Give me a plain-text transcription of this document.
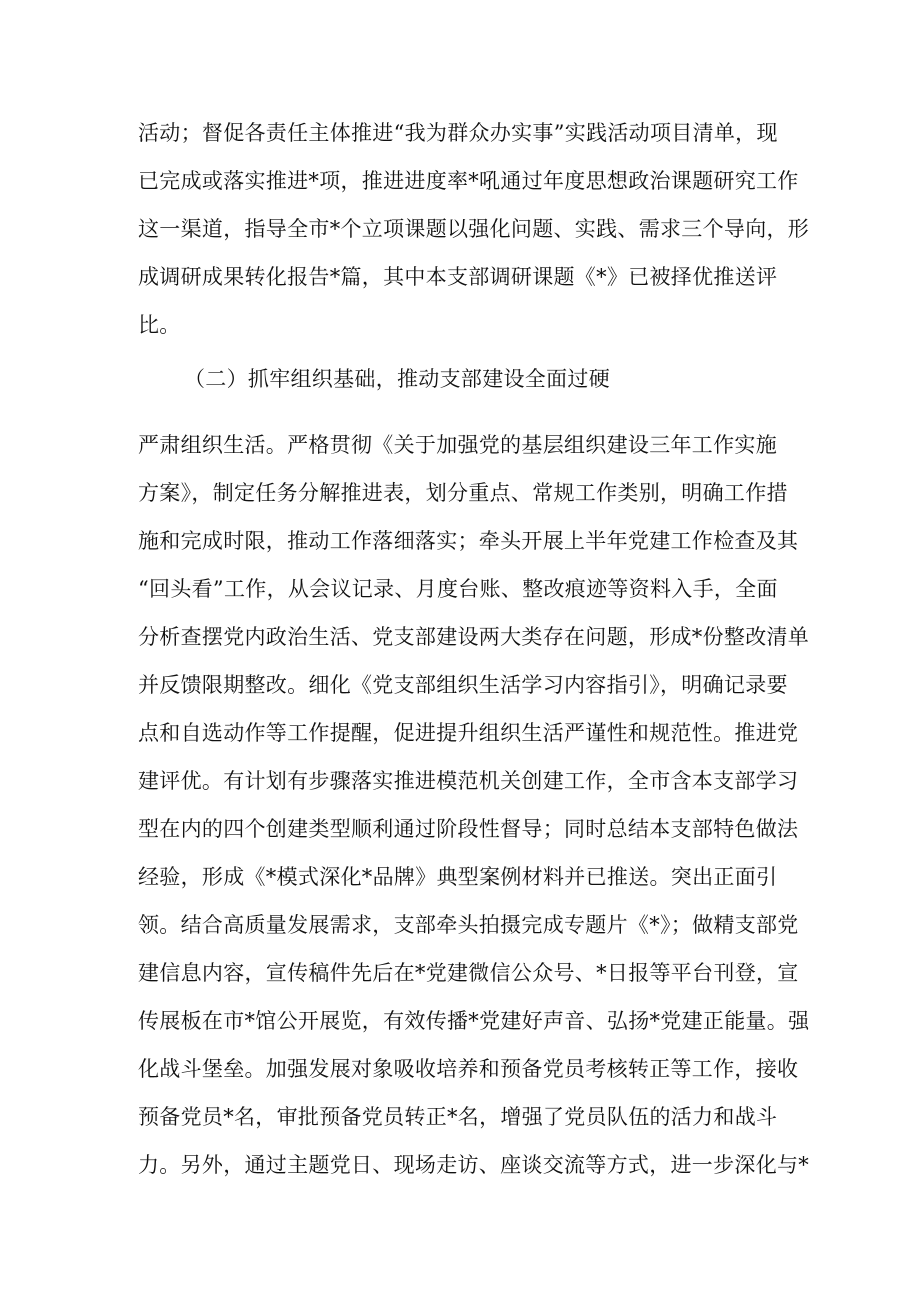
活动；督促各责任主体推进“我为群众办实事”实践活动项目清单，现

已完成或落实推进*项，推进进度率*吼通过年度思想政治课题研究工作

这一渠道，指导全市*个立项课题以强化问题、实践、需求三个导向，形

成调研成果转化报告*篇，其中本支部调研课题《*》已被择优推送评

比。

（二）抓牢组织基础，推动支部建设全面过硬

严肃组织生活。严格贯彻《关于加强党的基层组织建设三年工作实施

方案》，制定任务分解推进表，划分重点、常规工作类别，明确工作措

施和完成时限，推动工作落细落实；牵头开展上半年党建工作检查及其

“回头看”工作，从会议记录、月度台账、整改痕迹等资料入手，全面

分析查摆党内政治生活、党支部建设两大类存在问题，形成*份整改清单

并反馈限期整改。细化《党支部组织生活学习内容指引》，明确记录要

点和自选动作等工作提醒，促进提升组织生活严谨性和规范性。推进党

建评优。有计划有步骤落实推进模范机关创建工作，全市含本支部学习

型在内的四个创建类型顺利通过阶段性督导；同时总结本支部特色做法

经验，形成《*模式深化*品牌》典型案例材料并已推送。突出正面引

领。结合高质量发展需求，支部牵头拍摄完成专题片《*》；做精支部党

建信息内容，宣传稿件先后在*党建微信公众号、*日报等平台刊登，宣

传展板在市*馆公开展览，有效传播*党建好声音、弘扬*党建正能量。强

化战斗堡垒。加强发展对象吸收培养和预备党员考核转正等工作，接收

预备党员*名，审批预备党员转正*名，增强了党员队伍的活力和战斗

力。另外，通过主题党日、现场走访、座谈交流等方式，进一步深化与*
